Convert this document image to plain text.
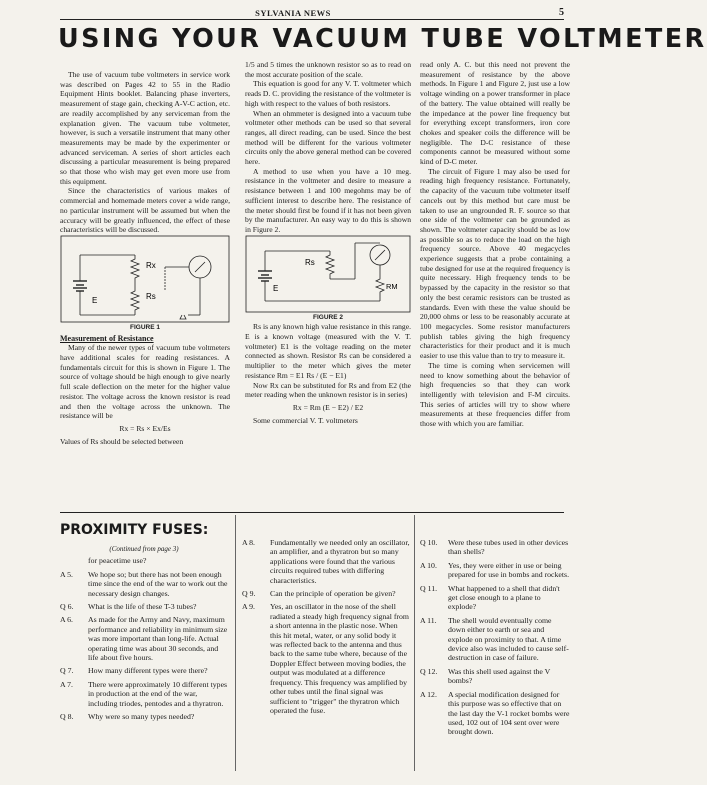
SYLVANIA NEWS	5
USING YOUR VACUUM TUBE VOLTMETER

The use of vacuum tube voltmeters in service work was described on Pages 42 to 55 in the Radio Equipment Hints booklet. Balancing phase inverters, measurement of stage gain, checking A-V-C action, etc. are readily accomplished by any serviceman from the explanation given. The vacuum tube voltmeter, however, is such a versatile instrument that many other measurements may be made by the experimenter or advanced serviceman. A series of short articles each discussing a particular measurement is being prepared so that those who wish may get even more use from this equipment.

Since the characteristics of various makes of commercial and homemade meters cover a wide range, no particular instrument will be assumed but when the accuracy will be greatly influenced, the effect of these characteristics will be discussed.

E
Rx
Rs
FIGURE 1
Measurement of Resistance

Many of the newer types of vacuum tube voltmeters have additional scales for reading resistances. A fundamentals circuit for this is shown in Figure 1. The source of voltage should be high enough to give nearly full scale deflection on the meter for the higher value resistor. The voltage across the known resistor is read and then the voltage across the unknown. The resistance will be

Rx = Rs × Ex/Es

Values of Rs should be selected between

1/5 and 5 times the unknown resistor so as to read on the most accurate position of the scale.

This equation is good for any V. T. voltmeter which reads D. C. providing the resistance of the voltmeter is high with respect to the values of both resistors.

When an ohmmeter is designed into a vacuum tube voltmeter other methods can be used so that several ranges, all direct reading, can be used. Since the best method will be different for the various voltmeter circuits only the above general method can be covered here.

A method to use when you have a 10 meg. resistance in the voltmeter and desire to measure a resistance between 1 and 100 megohms may be of sufficient interest to describe here. The resistance of the meter should first be found if it has not been given by the manufacturer. An easy way to do this is shown in Figure 2.

E
Rs
RM
FIGURE 2

Rs is any known high value resistance in this range. E is a known voltage (measured with the V. T. voltmeter) E1 is the voltage reading on the meter connected as shown. Resistor Rs can be considered a multiplier to the meter which gives the meter resistance Rm = E1 Rs / (E − E1)

Now Rx can be substituted for Rs and from E2 (the meter reading when the unknown resistor is in series)

Rx = Rm (E − E2) / E2

Some commercial V. T. voltmeters

read only A. C. but this need not prevent the measurement of resistance by the above methods. In Figure 1 and Figure 2, just use a low voltage winding on a power transformer in place of the battery. The value obtained will really be the impedance at the power line frequency but for everything except transformers, iron core chokes and speaker coils the difference will be negligible. The D-C resistance of these components cannot be measured without some kind of D-C meter.

The circuit of Figure 1 may also be used for reading high frequency resistance. Fortunately, the capacity of the vacuum tube voltmeter itself cancels out by this method but care must be taken to use an ungrounded R. F. source so that one side of the voltmeter can be grounded as shown. The voltmeter capacity should be as low as possible so as to reduce the load on the high frequency source. Above 40 megacycles experience suggests that a probe containing a tube designed for use at the required frequency is quite necessary. High frequency tends to be bypassed by the capacity in the resistor so that only the best ceramic resistors can be trusted as standards. Even with these the value should be 20,000 ohms or less to be reasonably accurate at 100 megacycles. Some resistor manufacturers publish tables giving the high frequency characteristics for their product and it is much easier to use this value than to try to measure it.

The time is coming when servicemen will need to know something about the behavior of high frequencies so that they can work intelligently with television and F-M circuits. This series of articles will try to show where measurements at these frequencies differ from those with which you are familiar.

PROXIMITY FUSES:
(Continued from page 3)
for peacetime use?
A 5.	We hope so; but there has not been enough time since the end of the war to work out the necessary design changes.
Q 6.	What is the life of these T-3 tubes?
A 6.	As made for the Army and Navy, maximum performance and reliability in minimum size was more important than long-life. Actual operating time was about 30 seconds, and life about five hours.
Q 7.	How many different types were there?
A 7.	There were approximately 10 different types in production at the end of the war, including triodes, pentodes and a thyratron.
Q 8.	Why were so many types needed?
A 8.	Fundamentally we needed only an oscillator, an amplifier, and a thyratron but so many applications were found that the various circuits required tubes with differing characteristics.
Q 9.	Can the principle of operation be given?
A 9.	Yes, an oscillator in the nose of the shell radiated a steady high frequency signal from a short antenna in the plastic nose. When this hit metal, water, or any solid body it was reflected back to the antenna and thus back to the same tube where, because of the Doppler Effect between moving bodies, the output was modulated at a difference frequency. This frequency was amplified by other tubes until the final signal was sufficient to "trigger" the thyratron which operated the fuse.
Q 10.	Were these tubes used in other devices than shells?
A 10.	Yes, they were either in use or being prepared for use in bombs and rockets.
Q 11.	What happened to a shell that didn't get close enough to a plane to explode?
A 11.	The shell would eventually come down either to earth or sea and explode on proximity to that. A time device also was included to cause self-destruction in case of failure.
Q 12.	Was this shell used against the V bombs?
A 12.	A special modification designed for this purpose was so effective that on the last day the V-1 rocket bombs were used, 102 out of 104 sent over were brought down.
